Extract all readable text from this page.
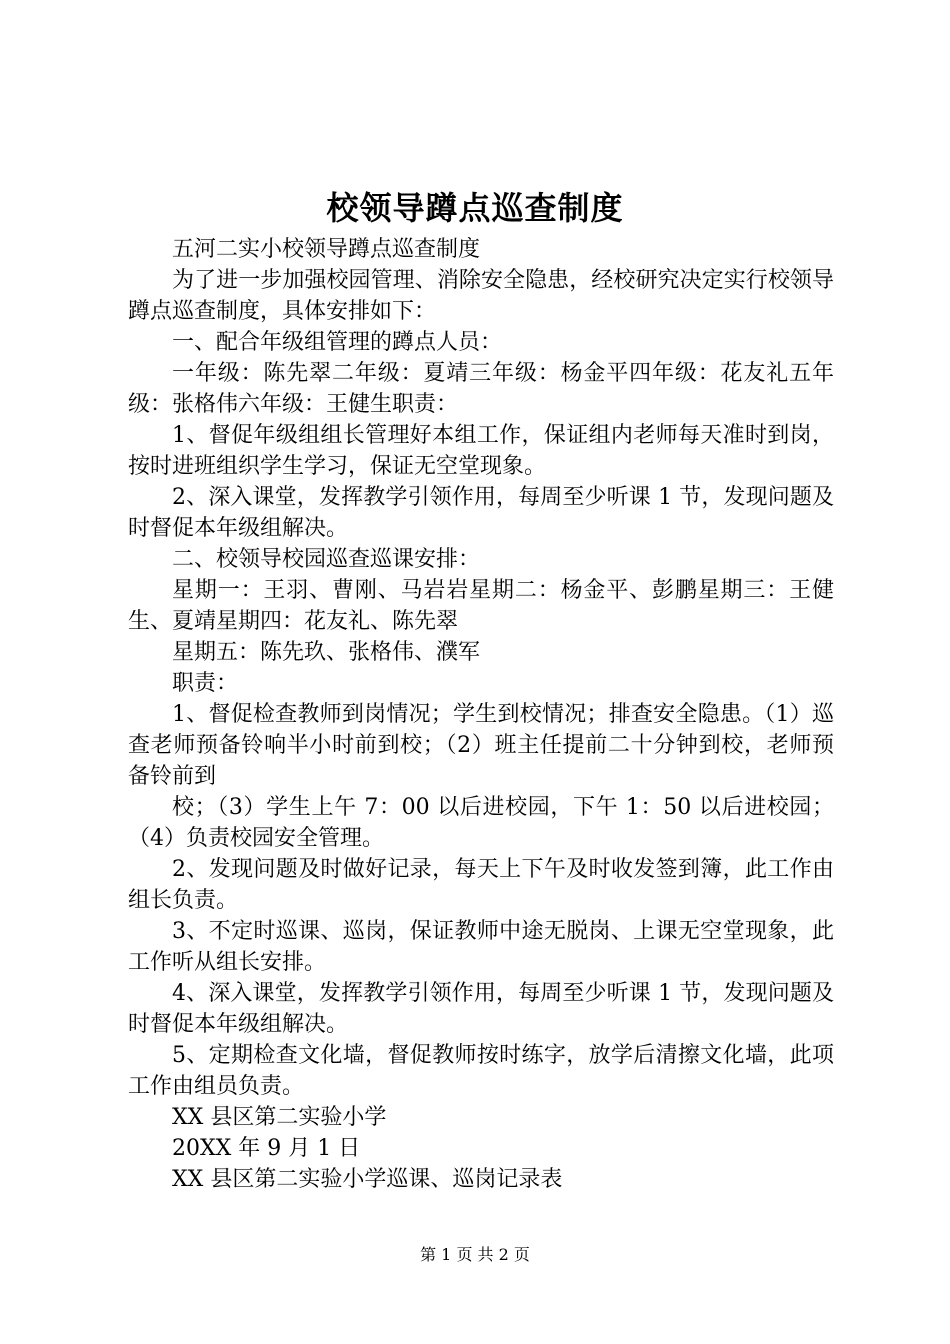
校领导蹲点巡查制度

五河二实小校领导蹲点巡查制度

为了进一步加强校园管理、消除安全隐患，经校研究决定实行校领导蹲点巡查制度，具体安排如下：

一、配合年级组管理的蹲点人员：

一年级：陈先翠二年级：夏靖三年级：杨金平四年级：花友礼五年级：张格伟六年级：王健生职责：

1、督促年级组组长管理好本组工作，保证组内老师每天准时到岗，按时进班组织学生学习，保证无空堂现象。

2、深入课堂，发挥教学引领作用，每周至少听课 1 节，发现问题及时督促本年级组解决。

二、校领导校园巡查巡课安排：

星期一：王羽、曹刚、马岩岩星期二：杨金平、彭鹏星期三：王健生、夏靖星期四：花友礼、陈先翠

星期五：陈先玖、张格伟、濮军

职责：

1、督促检查教师到岗情况；学生到校情况；排查安全隐患。（1）巡查老师预备铃响半小时前到校；（2）班主任提前二十分钟到校，老师预备铃前到

校；（3）学生上午 7：00 以后进校园，下午 1：50 以后进校园；（4）负责校园安全管理。

2、发现问题及时做好记录，每天上下午及时收发签到簿，此工作由组长负责。

3、不定时巡课、巡岗，保证教师中途无脱岗、上课无空堂现象，此工作听从组长安排。

4、深入课堂，发挥教学引领作用，每周至少听课 1 节，发现问题及时督促本年级组解决。

5、定期检查文化墙，督促教师按时练字，放学后清擦文化墙，此项工作由组员负责。

XX 县区第二实验小学

20XX 年 9 月 1 日

XX 县区第二实验小学巡课、巡岗记录表

第 1 页 共 2 页
